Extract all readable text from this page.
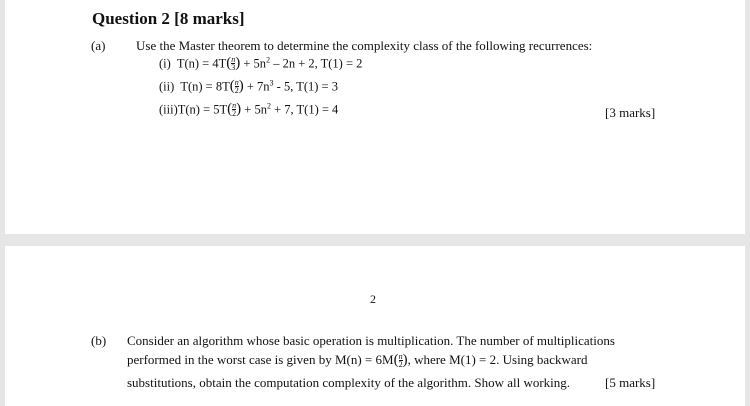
Question 2 [8 marks]
(a) Use the Master theorem to determine the complexity class of the following recurrences:
(i) $T(n) = 4T( \frac{n}{3}$ ) + $5n^2 - 2n + 2$, T(1) = 2
(ii) $T(n) = 8T( \frac{n}{2}$ ) + $7n^3 - 5$, T(1) = 3
$(iii)T(n) = 5T( \frac{n}{2}$ ) + $5n^2 + 7$, T(1) = 4	[3 marks]
2
(b) Consider an algorithm whose basic operation is multiplication. The number of multiplications
performed in the worst case is given by $M(n) = 6M( \frac{n}{2}$ ), where M(1) = 2. Using backward
substitutions, obtain the computation complexity of the algorithm. Show all working.	[5 marks]
